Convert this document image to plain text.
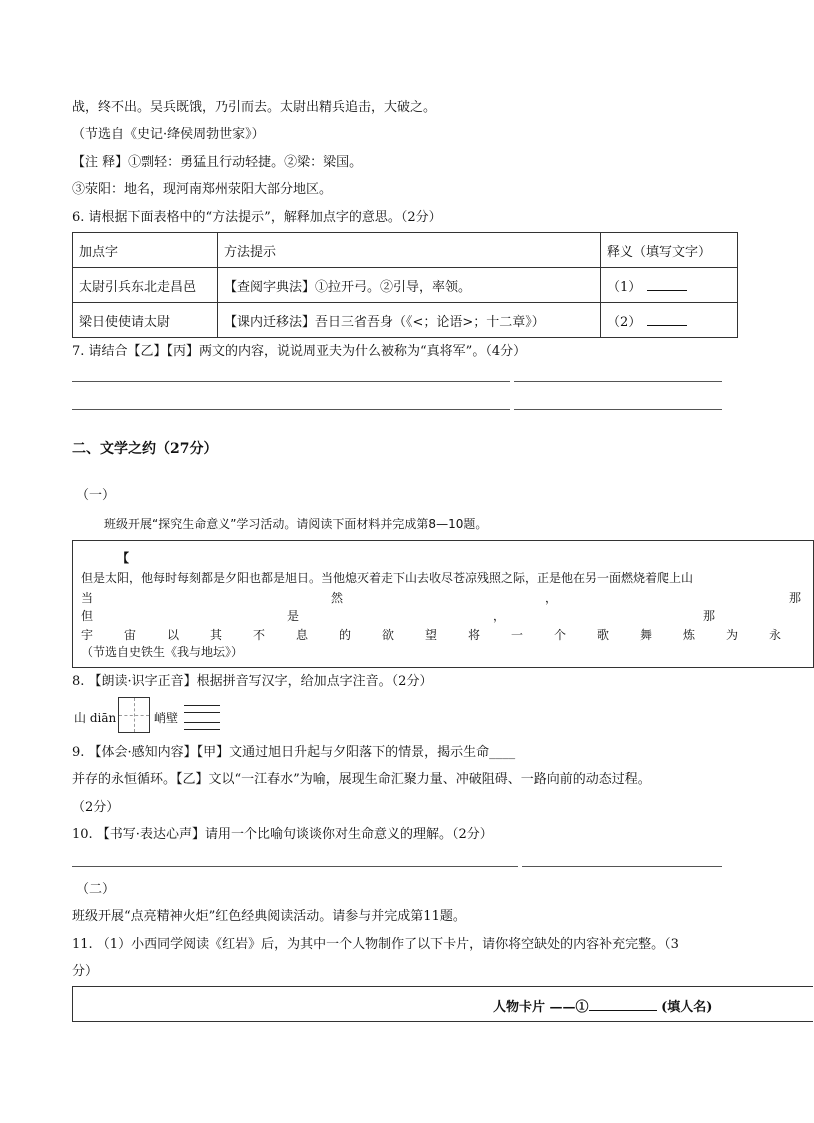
战，终不出。吴兵既饿，乃引而去。太尉出精兵追击，大破之。
（节选自《史记·绛侯周勃世家》）
【注 释】①剽轻：勇猛且行动轻捷。②梁：梁国。
③荥阳：地名，现河南郑州荥阳大部分地区。
6. 请根据下面表格中的“方法提示”，解释加点字的意思。（2分）
加点字	方法提示	释义（填写文字）
太尉引兵东北走昌邑	【查阅字典法】①拉开弓。②引导，率领。	（1）
梁日使使请太尉	【课内迁移法】吾日三省吾身（《<；论语>；十二章》）	（2）
7. 请结合【乙】【丙】两文的内容，说说周亚夫为什么被称为“真将军”。（4分）
二、文学之约（27分）
（一）
班级开展“探究生命意义”学习活动。请阅读下面材料并完成第8—10题。
【
但是太阳，他每时每刻都是夕阳也都是旭日。当他熄灭着走下山去收尽苍凉残照之际，正是他在另一面燃烧着爬上山
当	然	，	那
但	是	，	那
宇	宙	以	其	不	息	的	欲	望	将	一	个	歌	舞	炼	为	永
（节选自史铁生《我与地坛》）
8. 【朗读·识字正音】根据拼音写汉字，给加点字注音。（2分）
山 diān	峭壁
9. 【体会·感知内容】【甲】文通过旭日升起与夕阳落下的情景，揭示生命____
并存的永恒循环。【乙】文以“一江春水”为喻，展现生命汇聚力量、冲破阻碍、一路向前的动态过程。
（2分）
10. 【书写·表达心声】请用一个比喻句谈谈你对生命意义的理解。（2分）
（二）
班级开展“点亮精神火炬”红色经典阅读活动。请参与并完成第11题。
11. （1）小西同学阅读《红岩》后，为其中一个人物制作了以下卡片，请你将空缺处的内容补充完整。（3
分）
人物卡片 ——①	(填人名)
